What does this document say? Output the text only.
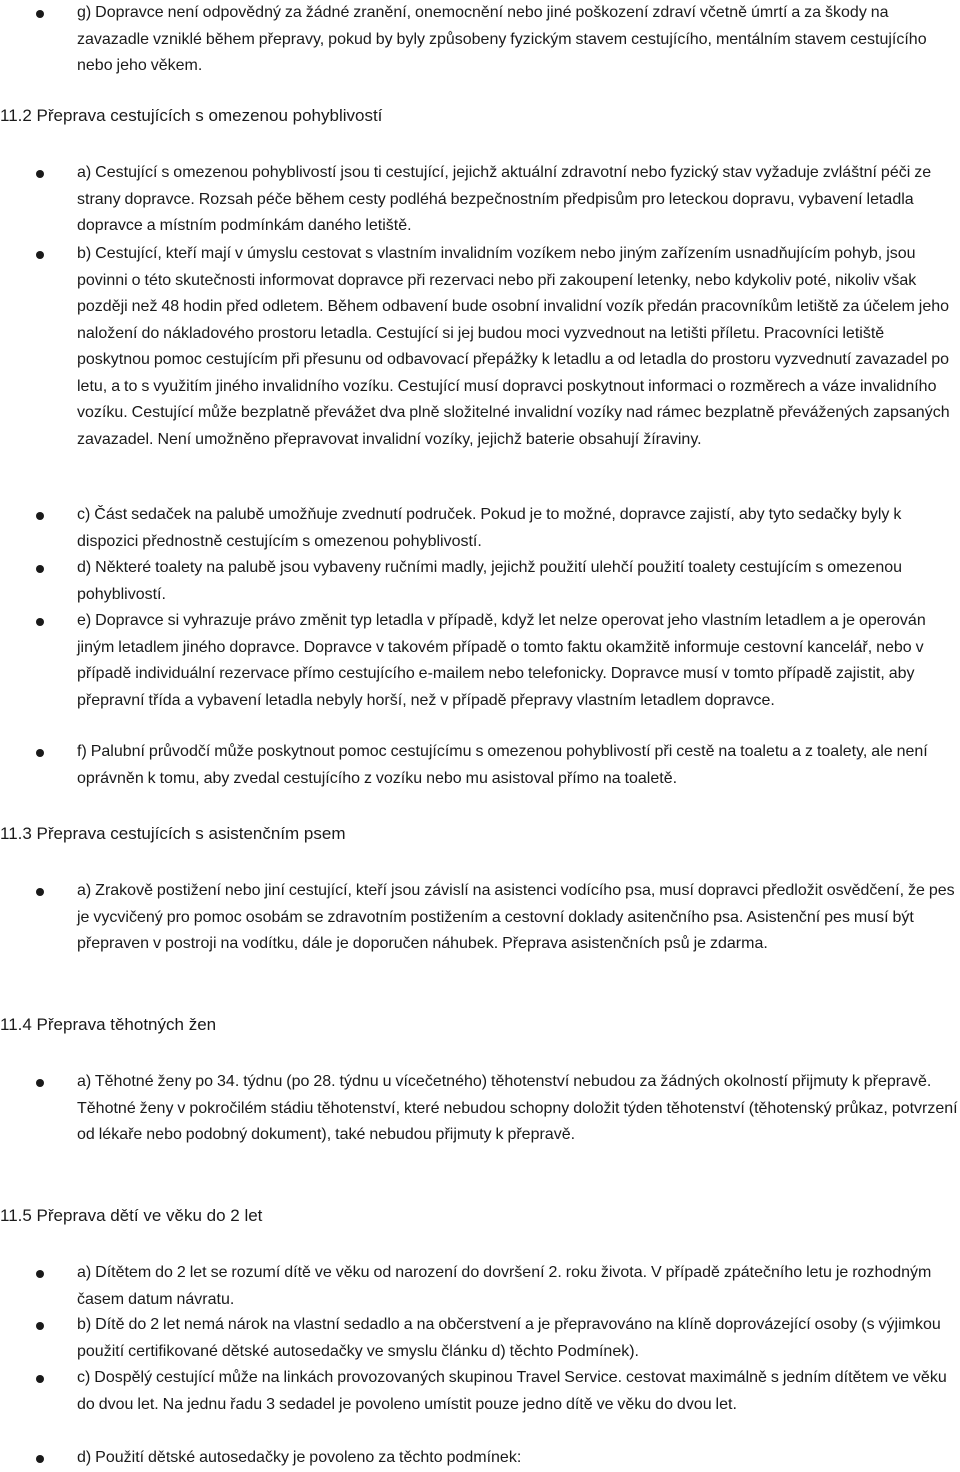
g) Dopravce není odpovědný za žádné zranění, onemocnění nebo jiné poškození zdraví včetně úmrtí a za škody na zavazadle vzniklé během přepravy, pokud by byly způsobeny fyzickým stavem cestujícího, mentálním stavem cestujícího nebo jeho věkem.
11.2 Přeprava cestujících s omezenou pohyblivostí
a) Cestující s omezenou pohyblivostí jsou ti cestující, jejichž aktuální zdravotní nebo fyzický stav vyžaduje zvláštní péči ze strany dopravce. Rozsah péče během cesty podléhá bezpečnostním předpisům pro leteckou dopravu, vybavení letadla dopravce a místním podmínkám daného letiště.
b) Cestující, kteří mají v úmyslu cestovat s vlastním invalidním vozíkem nebo jiným zařízením usnadňujícím pohyb, jsou povinni o této skutečnosti informovat dopravce při rezervaci nebo při zakoupení letenky, nebo kdykoliv poté, nikoliv však později než 48 hodin před odletem. Během odbavení bude osobní invalidní vozík předán pracovníkům letiště za účelem jeho naložení do nákladového prostoru letadla. Cestující si jej budou moci vyzvednout na letišti příletu. Pracovníci letiště poskytnou pomoc cestujícím při přesunu od odbavovací přepážky k letadlu a od letadla do prostoru vyzvednutí zavazadel po letu, a to s využitím jiného invalidního vozíku. Cestující musí dopravci poskytnout informaci o rozměrech a váze invalidního vozíku. Cestující může bezplatně převážet dva plně složitelné invalidní vozíky nad rámec bezplatně převážených zapsaných zavazadel. Není umožněno přepravovat invalidní vozíky, jejichž baterie obsahují žíraviny.
c) Část sedaček na palubě umožňuje zvednutí područek. Pokud je to možné, dopravce zajistí, aby tyto sedačky byly k dispozici přednostně cestujícím s omezenou pohyblivostí.
d) Některé toalety na palubě jsou vybaveny ručními madly, jejichž použití ulehčí použití toalety cestujícím s omezenou pohyblivostí.
e) Dopravce si vyhrazuje právo změnit typ letadla v případě, když let nelze operovat jeho vlastním letadlem a je operován jiným letadlem jiného dopravce. Dopravce v takovém případě o tomto faktu okamžitě informuje cestovní kancelář, nebo v případě individuální rezervace přímo cestujícího e-mailem nebo telefonicky. Dopravce musí v tomto případě zajistit, aby přepravní třída a vybavení letadla nebyly horší, než v případě přepravy vlastním letadlem dopravce.
f) Palubní průvodčí může poskytnout pomoc cestujícímu s omezenou pohyblivostí při cestě na toaletu a z toalety, ale není oprávněn k tomu, aby zvedal cestujícího z vozíku nebo mu asistoval přímo na toaletě.
11.3 Přeprava cestujících s asistenčním psem
a) Zrakově postižení nebo jiní cestující, kteří jsou závislí na asistenci vodícího psa, musí dopravci předložit osvědčení, že pes je vycvičený pro pomoc osobám se zdravotním postižením a cestovní doklady asitenčního psa. Asistenční pes musí být přepraven v postroji na vodítku, dále je doporučen náhubek. Přeprava asistenčních psů je zdarma.
11.4 Přeprava těhotných žen
a) Těhotné ženy po 34. týdnu (po 28. týdnu u vícečetného) těhotenství nebudou za žádných okolností přijmuty k přepravě. Těhotné ženy v pokročilém stádiu těhotenství, které nebudou schopny doložit týden těhotenství (těhotenský průkaz, potvrzení od lékaře nebo podobný dokument), také nebudou přijmuty k přepravě.
11.5 Přeprava dětí ve věku do 2 let
a) Dítětem do 2 let se rozumí dítě ve věku od narození do dovršení 2. roku života. V případě zpátečního letu je rozhodným časem datum návratu.
b) Dítě do 2 let nemá nárok na vlastní sedadlo a na občerstvení a je přepravováno na klíně doprovázející osoby (s výjimkou použití certifikované dětské autosedačky ve smyslu článku d) těchto Podmínek).
c) Dospělý cestující může na linkách provozovaných skupinou Travel Service. cestovat maximálně s jedním dítětem ve věku do dvou let. Na jednu řadu 3 sedadel je povoleno umístit pouze jedno dítě ve věku do dvou let.
d) Použití dětské autosedačky je povoleno za těchto podmínek:
